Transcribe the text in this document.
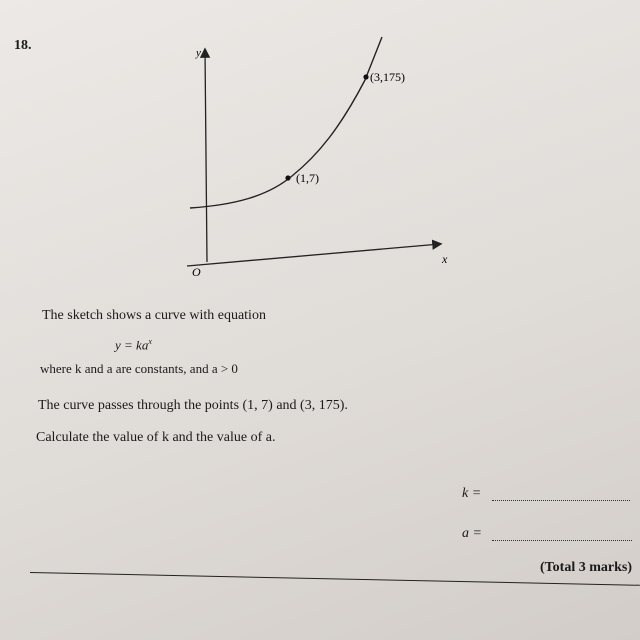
18.	y
x
O
(1,7)
(3,175)
The sketch shows a curve with equation
$y = ka^x$
where k and a are constants, and a > 0
The curve passes through the points (1, 7) and (3, 175).
Calculate the value of k and the value of a.
k =
a =
(Total 3 marks)
